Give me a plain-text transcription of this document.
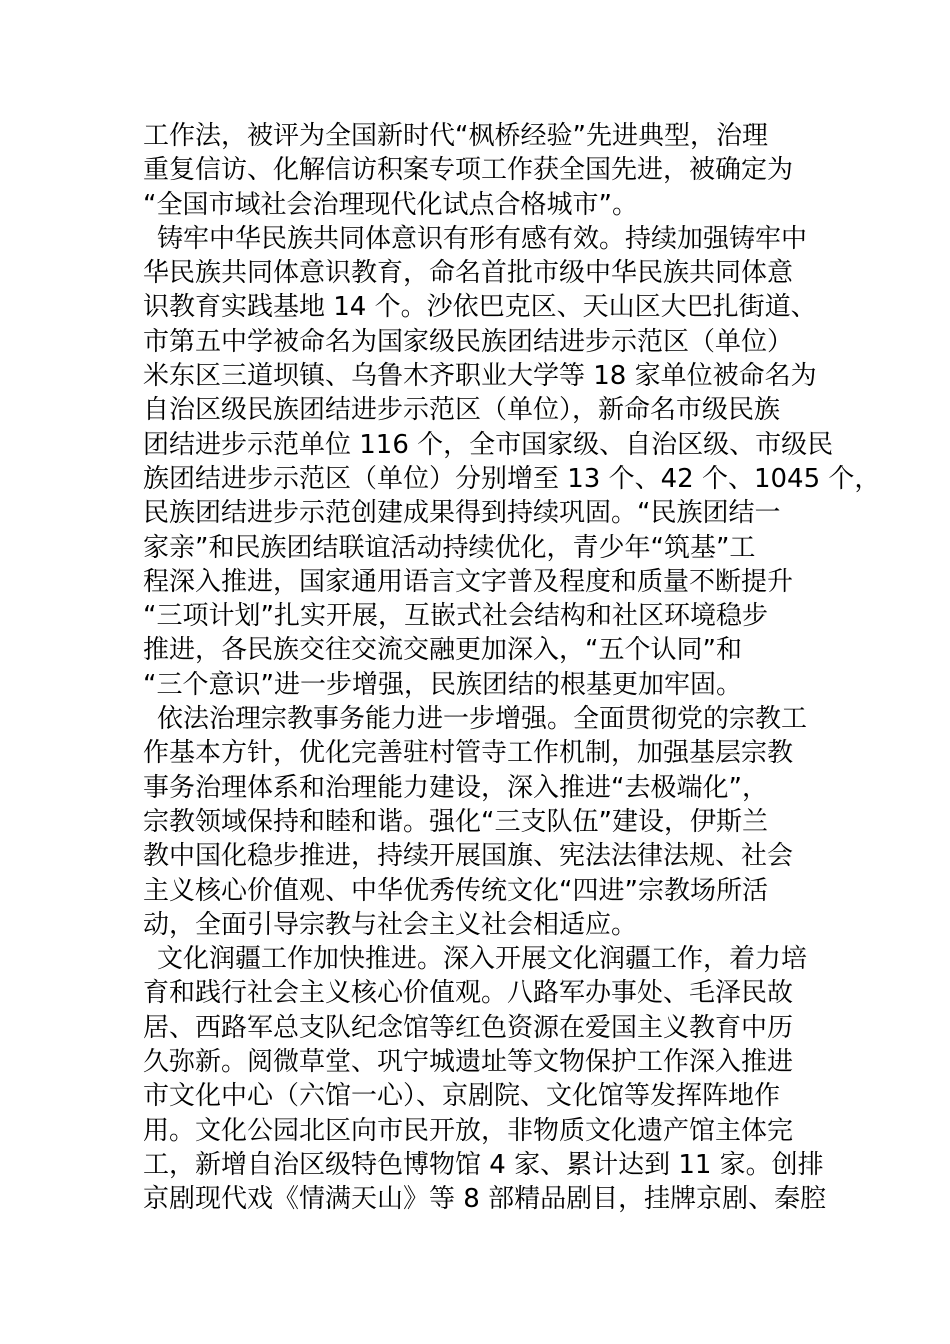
工作法，被评为全国新时代“枫桥经验”先进典型，治理
重复信访、化解信访积案专项工作获全国先进，被确定为
“全国市域社会治理现代化试点合格城市”。
铸牢中华民族共同体意识有形有感有效。持续加强铸牢中
华民族共同体意识教育，命名首批市级中华民族共同体意
识教育实践基地 14 个。沙依巴克区、天山区大巴扎街道、
市第五中学被命名为国家级民族团结进步示范区（单位）
米东区三道坝镇、乌鲁木齐职业大学等 18 家单位被命名为
自治区级民族团结进步示范区（单位），新命名市级民族
团结进步示范单位 116 个，全市国家级、自治区级、市级民
族团结进步示范区（单位）分别增至 13 个、42 个、1045 个，
民族团结进步示范创建成果得到持续巩固。“民族团结一
家亲”和民族团结联谊活动持续优化，青少年“筑基”工
程深入推进，国家通用语言文字普及程度和质量不断提升
“三项计划”扎实开展，互嵌式社会结构和社区环境稳步
推进，各民族交往交流交融更加深入，“五个认同”和
“三个意识”进一步增强，民族团结的根基更加牢固。
依法治理宗教事务能力进一步增强。全面贯彻党的宗教工
作基本方针，优化完善驻村管寺工作机制，加强基层宗教
事务治理体系和治理能力建设，深入推进“去极端化”，
宗教领域保持和睦和谐。强化“三支队伍”建设，伊斯兰
教中国化稳步推进，持续开展国旗、宪法法律法规、社会
主义核心价值观、中华优秀传统文化“四进”宗教场所活
动，全面引导宗教与社会主义社会相适应。
文化润疆工作加快推进。深入开展文化润疆工作，着力培
育和践行社会主义核心价值观。八路军办事处、毛泽民故
居、西路军总支队纪念馆等红色资源在爱国主义教育中历
久弥新。阅微草堂、巩宁城遗址等文物保护工作深入推进
市文化中心（六馆一心）、京剧院、文化馆等发挥阵地作
用。文化公园北区向市民开放，非物质文化遗产馆主体完
工，新增自治区级特色博物馆 4 家、累计达到 11 家。创排
京剧现代戏《情满天山》等 8 部精品剧目，挂牌京剧、秦腔
